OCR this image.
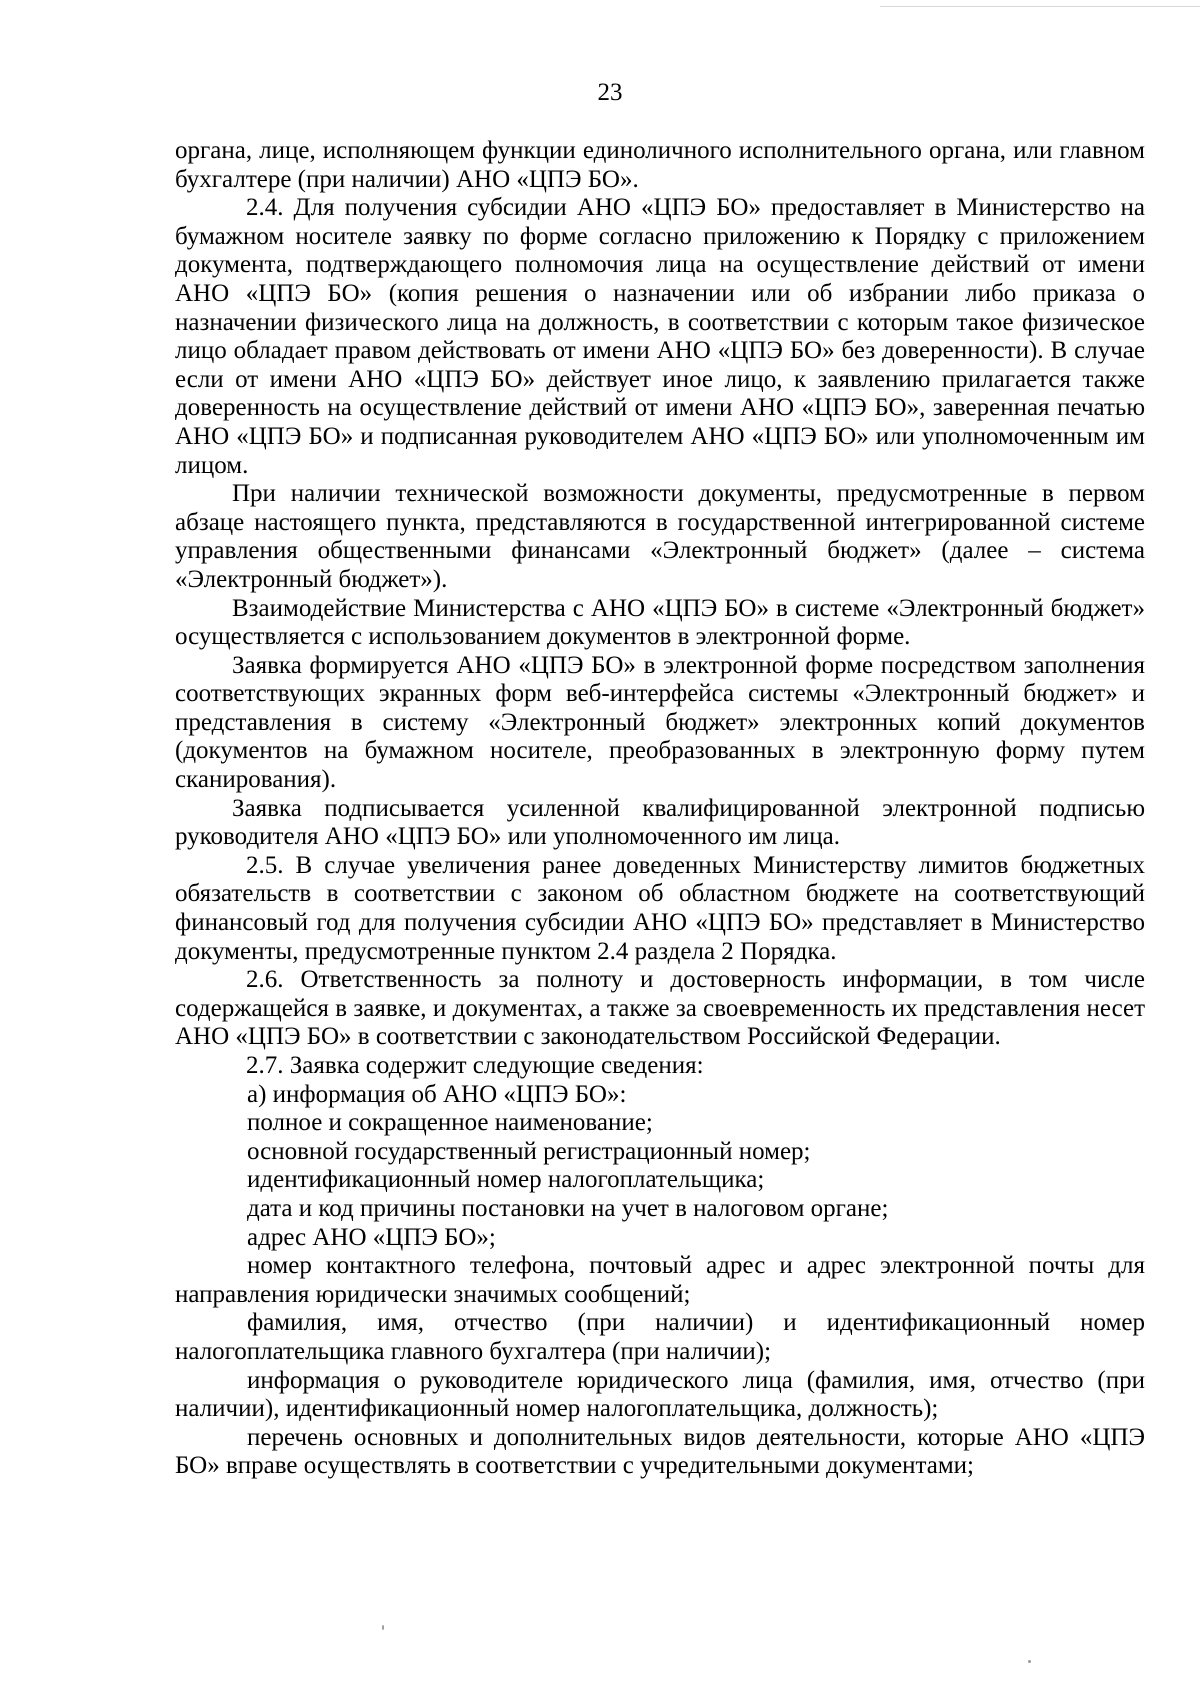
23

органа, лице, исполняющем функции единоличного исполнительного органа, или главном бухгалтере (при наличии) АНО «ЦПЭ БО».

2.4. Для получения субсидии АНО «ЦПЭ БО» предоставляет в Министерство на бумажном носителе заявку по форме согласно приложению к Порядку с приложением документа, подтверждающего полномочия лица на осуществление действий от имени АНО «ЦПЭ БО» (копия решения о назначении или об избрании либо приказа о назначении физического лица на должность, в соответствии с которым такое физическое лицо обладает правом действовать от имени АНО «ЦПЭ БО» без доверенности). В случае если от имени АНО «ЦПЭ БО» действует иное лицо, к заявлению прилагается также доверенность на осуществление действий от имени АНО «ЦПЭ БО», заверенная печатью АНО «ЦПЭ БО» и подписанная руководителем АНО «ЦПЭ БО» или уполномоченным им лицом.

При наличии технической возможности документы, предусмотренные в первом абзаце настоящего пункта, представляются в государственной интегрированной системе управления общественными финансами «Электронный бюджет» (далее – система «Электронный бюджет»).

Взаимодействие Министерства с АНО «ЦПЭ БО» в системе «Электронный бюджет» осуществляется с использованием документов в электронной форме.

Заявка формируется АНО «ЦПЭ БО» в электронной форме посредством заполнения соответствующих экранных форм веб-интерфейса системы «Электронный бюджет» и представления в систему «Электронный бюджет» электронных копий документов (документов на бумажном носителе, преобразованных в электронную форму путем сканирования).

Заявка подписывается усиленной квалифицированной электронной подписью руководителя АНО «ЦПЭ БО» или уполномоченного им лица.

2.5. В случае увеличения ранее доведенных Министерству лимитов бюджетных обязательств в соответствии с законом об областном бюджете на соответствующий финансовый год для получения субсидии АНО «ЦПЭ БО» представляет в Министерство документы, предусмотренные пунктом 2.4 раздела 2 Порядка.

2.6. Ответственность за полноту и достоверность информации, в том числе содержащейся в заявке, и документах, а также за своевременность их представления несет АНО «ЦПЭ БО» в соответствии с законодательством Российской Федерации.

2.7. Заявка содержит следующие сведения:

а) информация об АНО «ЦПЭ БО»:

полное и сокращенное наименование;

основной государственный регистрационный номер;

идентификационный номер налогоплательщика;

дата и код причины постановки на учет в налоговом органе;

адрес АНО «ЦПЭ БО»;

номер контактного телефона, почтовый адрес и адрес электронной почты для направления юридически значимых сообщений;

фамилия, имя, отчество (при наличии) и идентификационный номер налогоплательщика главного бухгалтера (при наличии);

информация о руководителе юридического лица (фамилия, имя, отчество (при наличии), идентификационный номер налогоплательщика, должность);

перечень основных и дополнительных видов деятельности, которые АНО «ЦПЭ БО» вправе осуществлять в соответствии с учредительными документами;
